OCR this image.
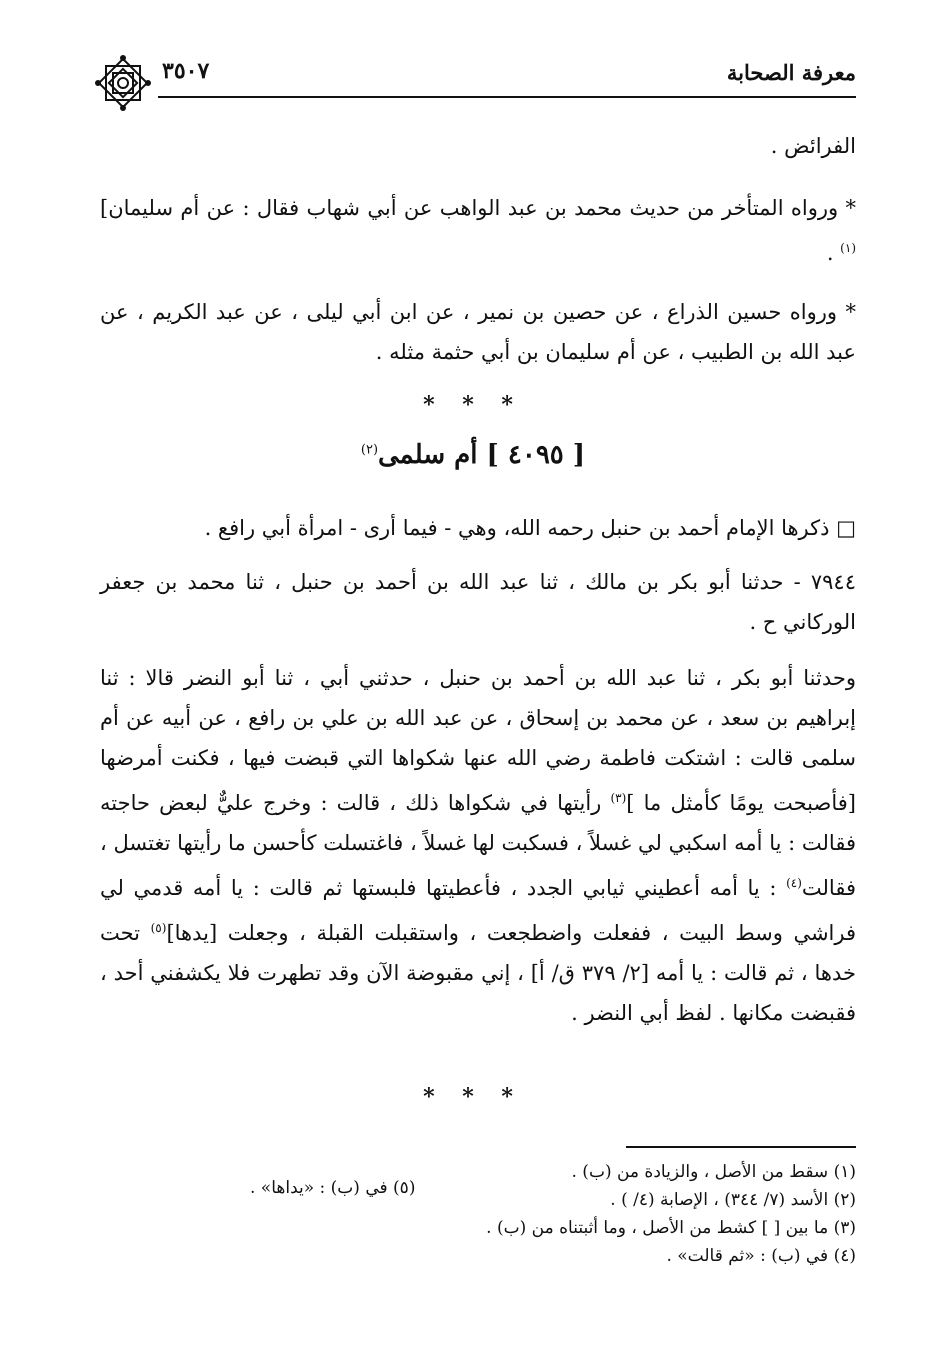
معرفة الصحابة
٣٥٠٧

الفرائض .

* ورواه المتأخر من حديث محمد بن عبد الواهب عن أبي شهاب فقال : عن أم سليمان]$^{(١)}$ .

* ورواه حسين الذراع ، عن حصين بن نمير ، عن ابن أبي ليلى ، عن عبد الكريم ، عن عبد الله بن الطبيب ، عن أم سليمان بن أبي حثمة مثله .

* * *
[ ٤٠٩٥ ] أم سلمى$^{(٢)}$

□ ذكرها الإمام أحمد بن حنبل رحمه الله، وهي - فيما أرى - امرأة أبي رافع .

٧٩٤٤ - حدثنا أبو بكر بن مالك ، ثنا عبد الله بن أحمد بن حنبل ، ثنا محمد بن جعفر الوركاني ح .

وحدثنا أبو بكر ، ثنا عبد الله بن أحمد بن حنبل ، حدثني أبي ، ثنا أبو النضر قالا : ثنا إبراهيم بن سعد ، عن محمد بن إسحاق ، عن عبد الله بن علي بن رافع ، عن أبيه عن أم سلمى قالت : اشتكت فاطمة رضي الله عنها شكواها التي قبضت فيها ، فكنت أمرضها [فأصبحت يومًا كأمثل ما ]$^{(٣)}$ رأيتها في شكواها ذلك ، قالت : وخرج عليٌّ لبعض حاجته فقالت : يا أمه اسكبي لي غسلاً ، فسكبت لها غسلاً ، فاغتسلت كأحسن ما رأيتها تغتسل ، فقالت$^{(٤)}$ : يا أمه أعطيني ثيابي الجدد ، فأعطيتها فلبستها ثم قالت : يا أمه قدمي لي فراشي وسط البيت ، ففعلت واضطجعت ، واستقبلت القبلة ، وجعلت [يدها]$^{(٥)}$ تحت خدها ، ثم قالت : يا أمه [٢/ ٣٧٩ ق/ أ] ، إني مقبوضة الآن وقد تطهرت فلا يكشفني أحد ، فقبضت مكانها . لفظ أبي النضر .

* * *
(١) سقط من الأصل ، والزيادة من (ب) .
(٢) الأسد (٧/ ٣٤٤) ، الإصابة (٤/ ) .
(٣) ما بين [ ] كشط من الأصل ، وما أثبتناه من (ب) .
(٤) في (ب) : «ثم قالت» .
(٥) في (ب) : «يداها» .
